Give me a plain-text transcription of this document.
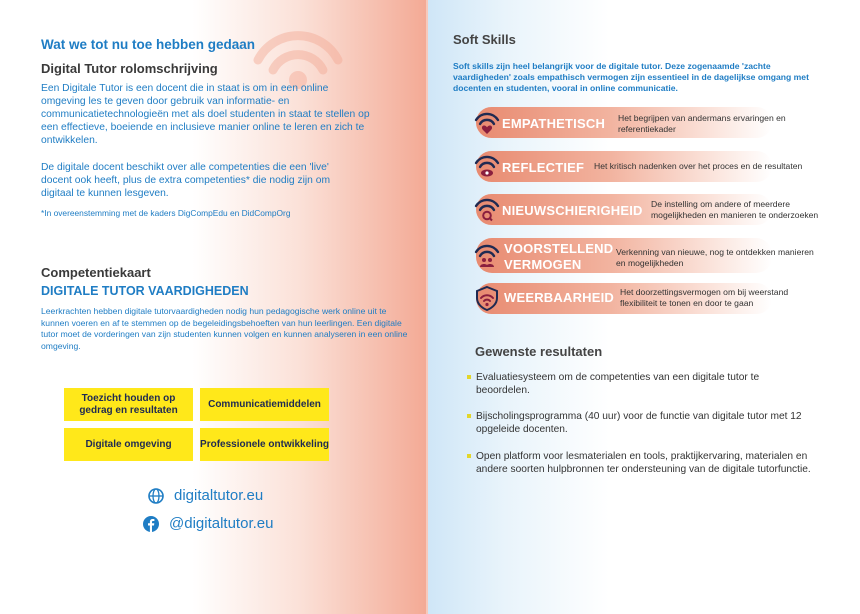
Wat we tot nu toe hebben gedaan
Digital Tutor rolomschrijving
Een Digitale Tutor is een docent die in staat is om in een online omgeving les te geven door gebruik van informatie- en communicatietechnologieën met als doel studenten in staat te stellen op een effectieve, boeiende en inclusieve manier online te leren en zich te ontwikkelen.
De digitale docent beschikt over alle competenties die een 'live' docent ook heeft, plus de extra competenties* die nodig zijn om digitaal te kunnen lesgeven.
*In overeenstemming met de kaders DigCompEdu en DidCompOrg
Competentiekaart
DIGITALE TUTOR VAARDIGHEDEN
Leerkrachten hebben digitale tutorvaardigheden nodig hun pedagogische werk online uit te kunnen voeren en af te stemmen op de begeleidingsbehoeften van hun leerlingen. Een digitale tutor moet de vorderingen van zijn studenten kunnen volgen en kunnen analyseren in een online omgeving.
Toezicht houden op gedrag en resultaten
Communicatiemiddelen
Digitale omgeving	Professionele ontwikkeling
digitaltutor.eu
@digitaltutor.eu
Soft Skills
Soft skills zijn heel belangrijk voor de digitale tutor. Deze zogenaamde 'zachte vaardigheden' zoals empathisch vermogen zijn essentieel in de dagelijkse omgang met docenten en studenten, vooral in online communicatie.
EMPATHETISCH Het begrijpen van andermans ervaringen en referentiekader
REFLECTIEF Het kritisch nadenken over het proces en de resultaten
NIEUWSCHIERIGHEID De instelling om andere of meerdere mogelijkheden en manieren te onderzoeken
VOORSTELLEND VERMOGEN
Verkenning van nieuwe, nog te ontdekken manieren en mogelijkheden
WEERBAARHEID Het doorzettingsvermogen om bij weerstand flexibiliteit te tonen en door te gaan
Gewenste resultaten
Evaluatiesysteem om de competenties van een digitale tutor te beoordelen.
Bijscholingsprogramma (40 uur) voor de functie van digitale tutor met 12 opgeleide docenten.
Open platform voor lesmaterialen en tools, praktijkervaring, materialen en andere soorten hulpbronnen ter ondersteuning van de digitale tutorfunctie.
